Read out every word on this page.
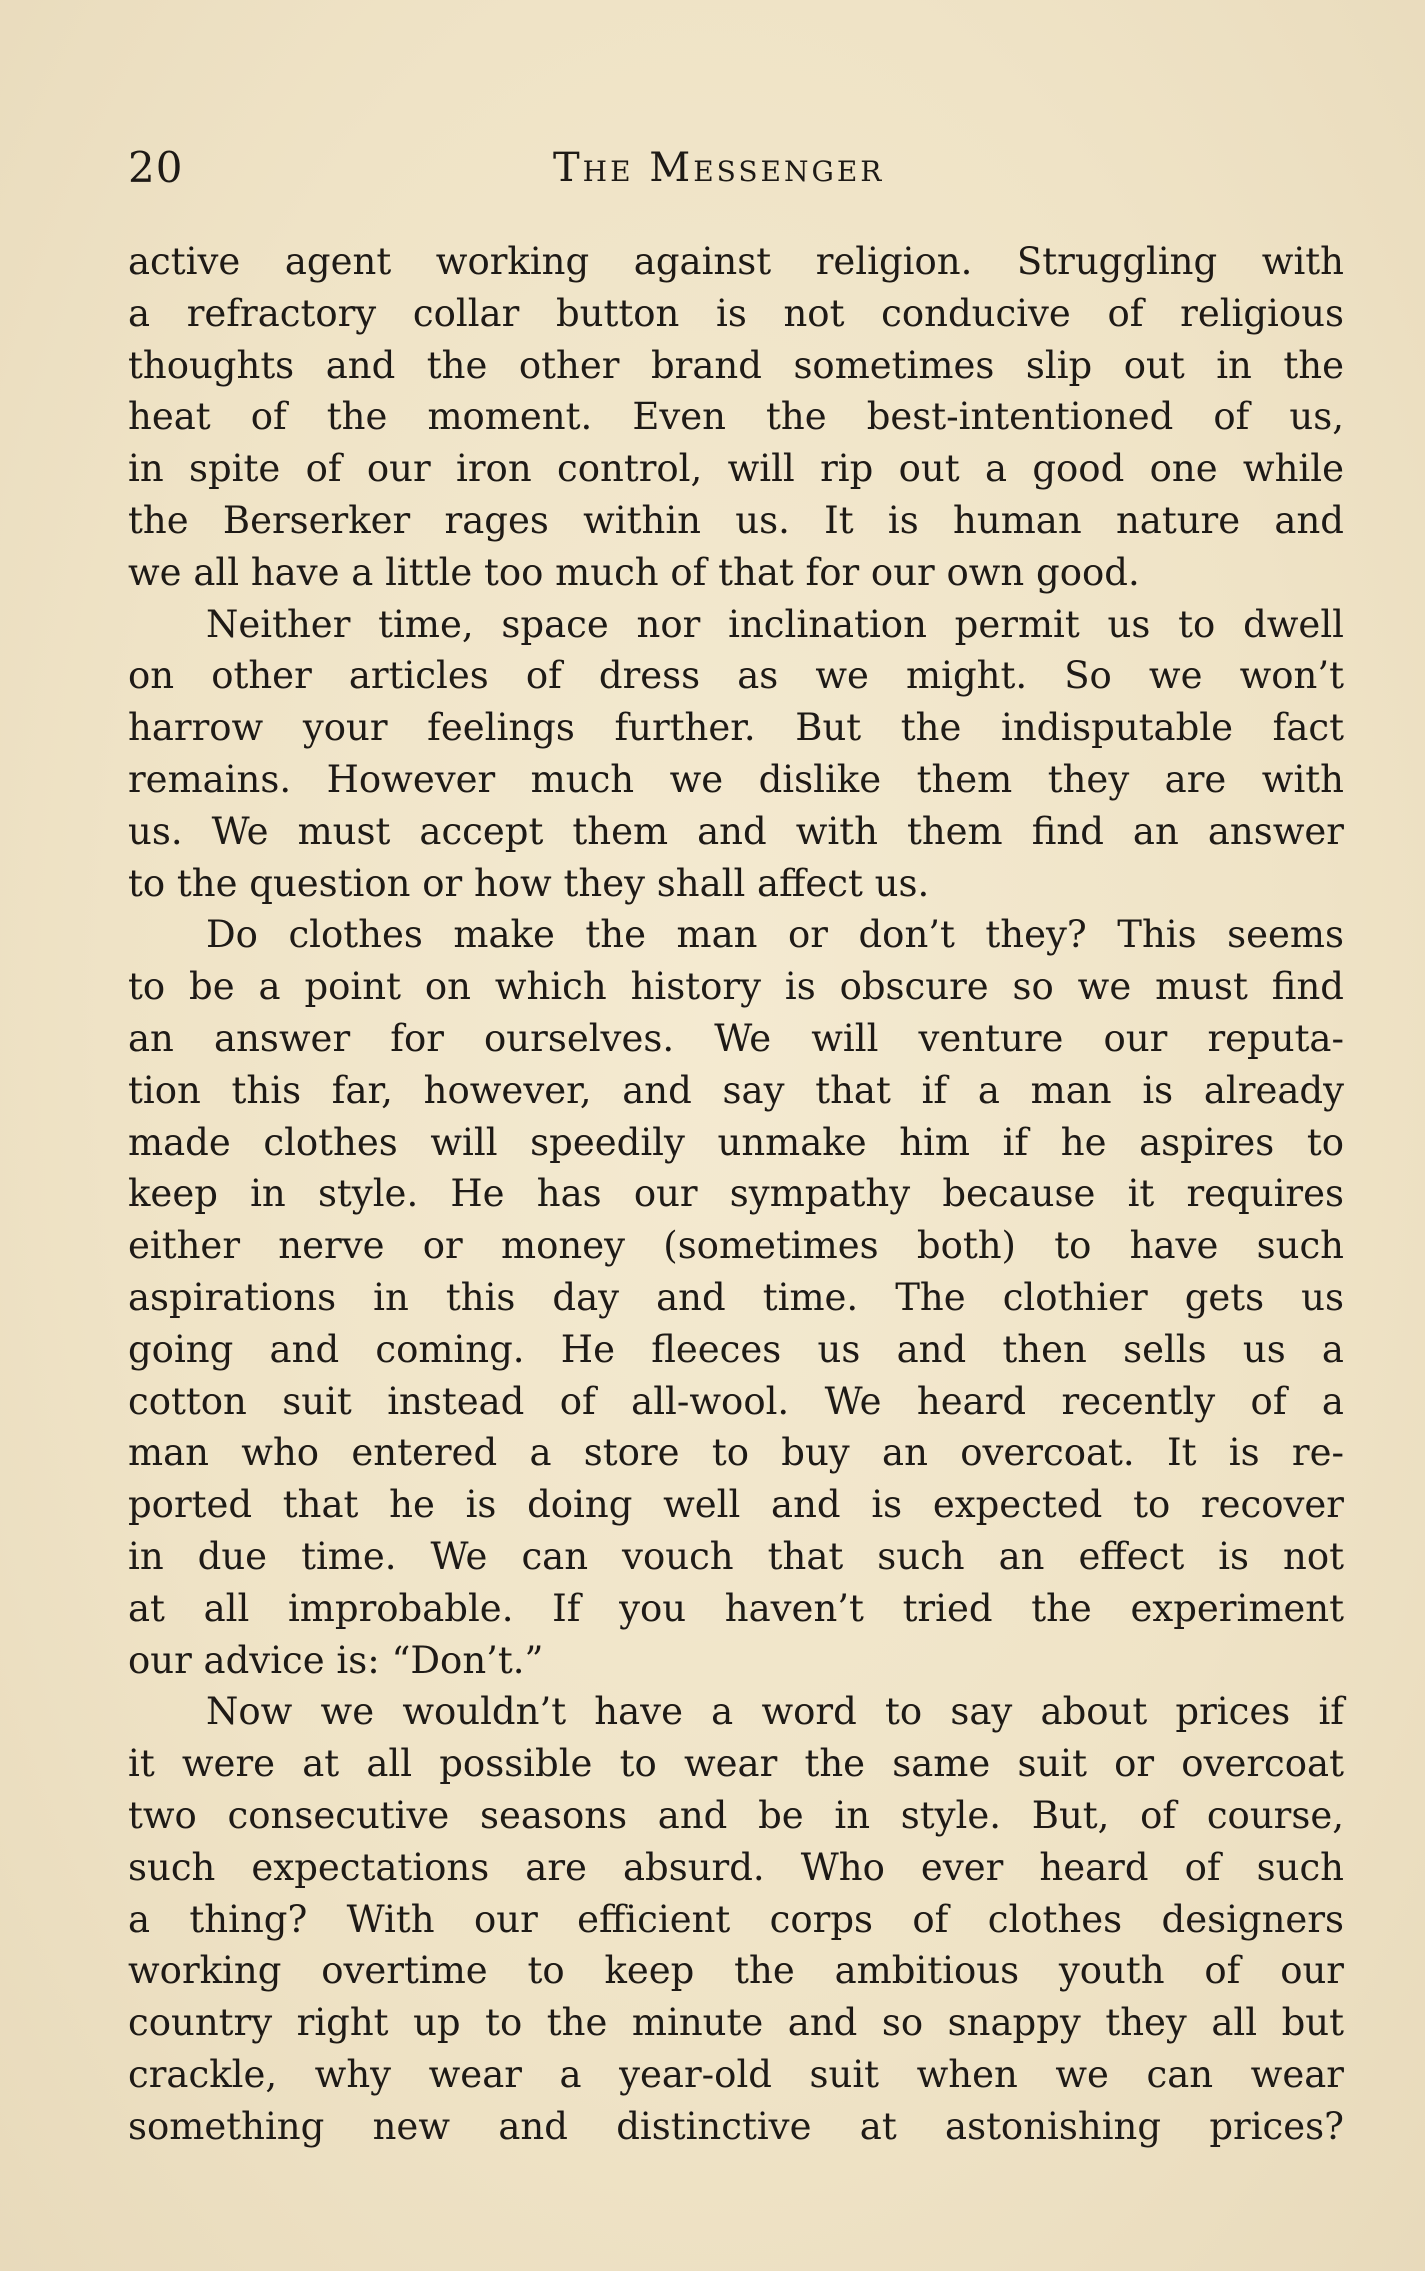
20	The Messenger
active agent working against religion. Struggling with
a refractory collar button is not conducive of religious
thoughts and the other brand sometimes slip out in the
heat of the moment. Even the best-intentioned of us,
in spite of our iron control, will rip out a good one while
the Berserker rages within us. It is human nature and
we all have a little too much of that for our own good.
Neither time, space nor inclination permit us to dwell
on other articles of dress as we might. So we won’t
harrow your feelings further. But the indisputable fact
remains. However much we dislike them they are with
us. We must accept them and with them find an answer
to the question or how they shall affect us.
Do clothes make the man or don’t they? This seems
to be a point on which history is obscure so we must find
an answer for ourselves. We will venture our reputa-
tion this far, however, and say that if a man is already
made clothes will speedily unmake him if he aspires to
keep in style. He has our sympathy because it requires
either nerve or money (sometimes both) to have such
aspirations in this day and time. The clothier gets us
going and coming. He fleeces us and then sells us a
cotton suit instead of all-wool. We heard recently of a
man who entered a store to buy an overcoat. It is re-
ported that he is doing well and is expected to recover
in due time. We can vouch that such an effect is not
at all improbable. If you haven’t tried the experiment
our advice is: “Don’t.”
Now we wouldn’t have a word to say about prices if
it were at all possible to wear the same suit or overcoat
two consecutive seasons and be in style. But, of course,
such expectations are absurd. Who ever heard of such
a thing? With our efficient corps of clothes designers
working overtime to keep the ambitious youth of our
country right up to the minute and so snappy they all but
crackle, why wear a year-old suit when we can wear
something new and distinctive at astonishing prices?
